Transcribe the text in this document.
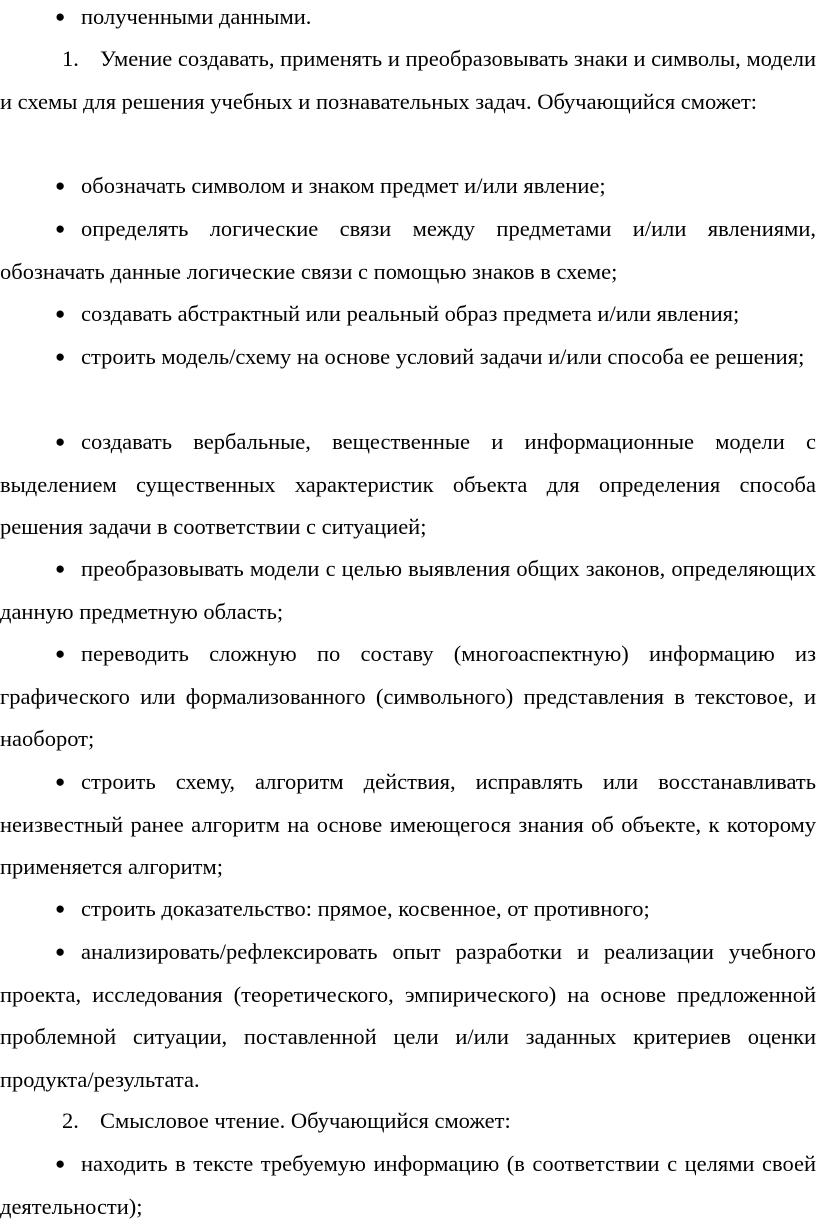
● полученными данными.

1. Умение создавать, применять и преобразовывать знаки и символы, модели и схемы для решения учебных и познавательных задач. Обучающийся сможет:

● обозначать символом и знаком предмет и/или явление;

● определять логические связи между предметами и/или явлениями, обозначать данные логические связи с помощью знаков в схеме;

● создавать абстрактный или реальный образ предмета и/или явления;

● строить модель/схему на основе условий задачи и/или способа ее решения;

● создавать вербальные, вещественные и информационные модели с выделением существенных характеристик объекта для определения способа решения задачи в соответствии с ситуацией;

● преобразовывать модели с целью выявления общих законов, определяющих данную предметную область;

● переводить сложную по составу (многоаспектную) информацию из графического или формализованного (символьного) представления в текстовое, и наоборот;

● строить схему, алгоритм действия, исправлять или восстанавливать неизвестный ранее алгоритм на основе имеющегося знания об объекте, к которому применяется алгоритм;

● строить доказательство: прямое, косвенное, от противного;

● анализировать/рефлексировать опыт разработки и реализации учебного проекта, исследования (теоретического, эмпирического) на основе предложенной проблемной ситуации, поставленной цели и/или заданных критериев оценки продукта/результата.

2. Смысловое чтение. Обучающийся сможет:

● находить в тексте требуемую информацию (в соответствии с целями своей деятельности);
